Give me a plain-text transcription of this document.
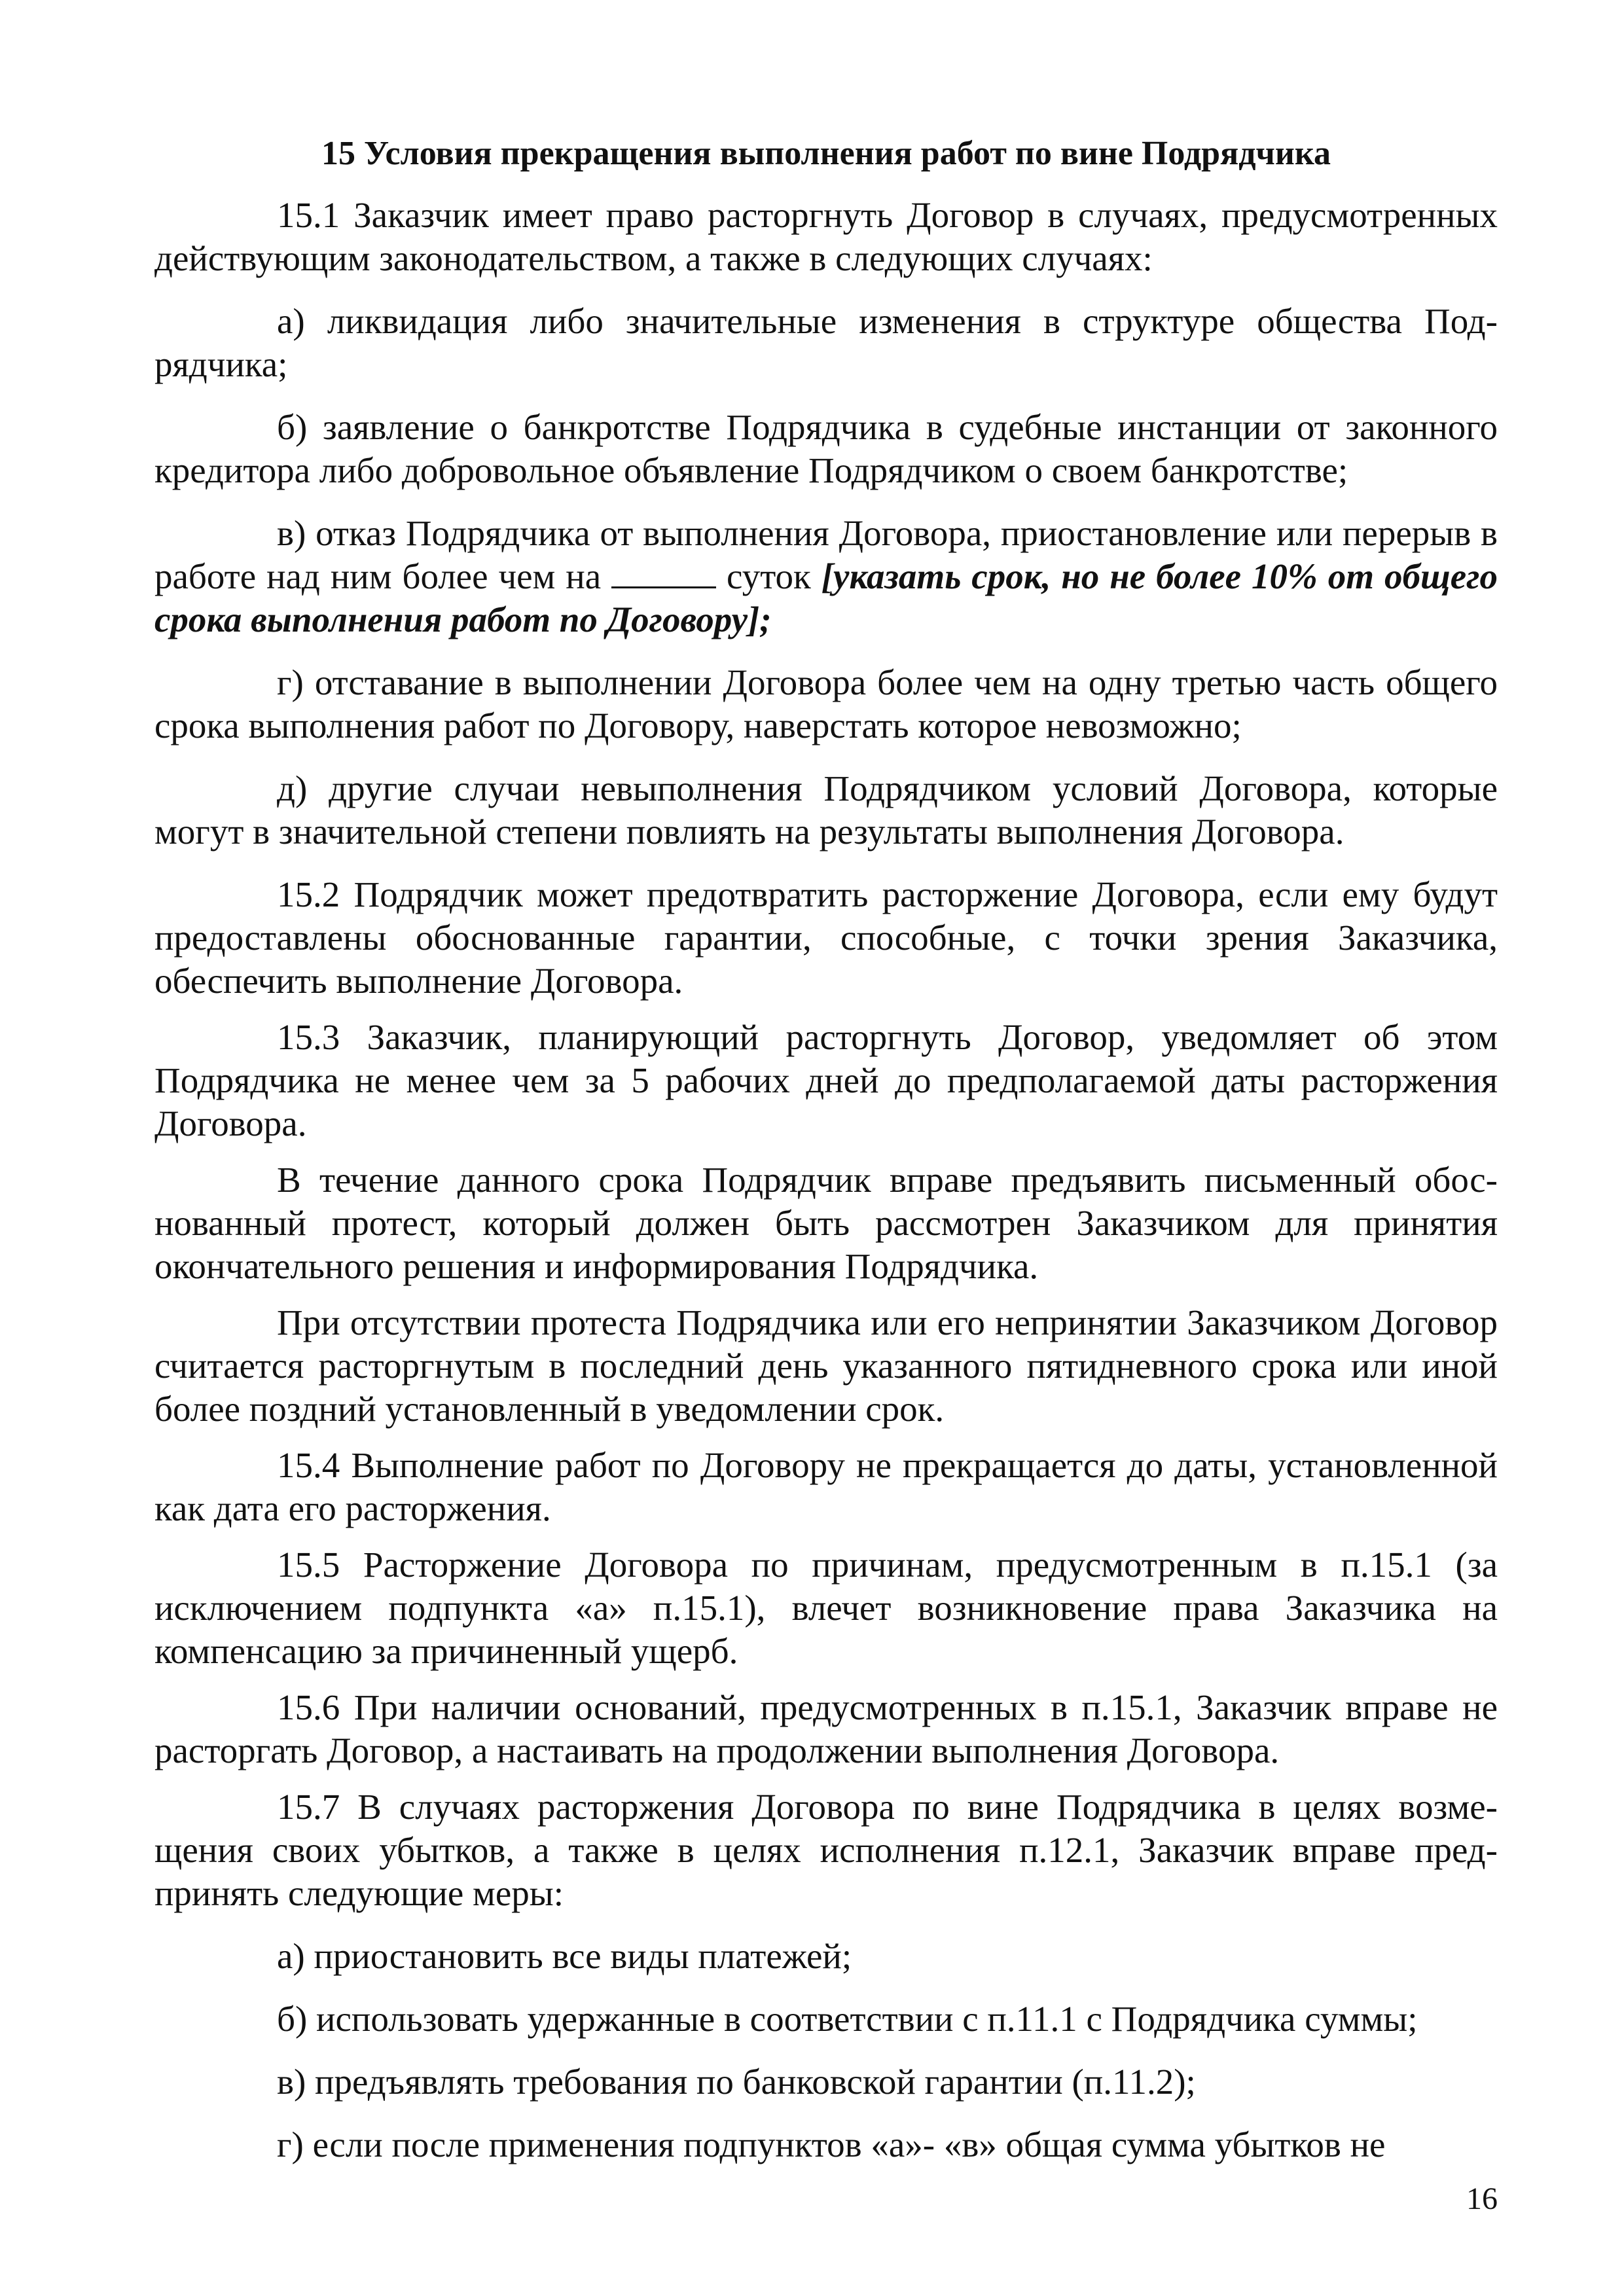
15 Условия прекращения выполнения работ по вине Подрядчика

15.1 Заказчик имеет право расторгнуть Договор в случаях, предусмотренных действующим законодательством, а также в следующих случаях:

а) ликвидация либо значительные изменения в структуре общества Подрядчика;

б) заявление о банкротстве Подрядчика в судебные инстанции от законного кредитора либо добровольное объявление Подрядчиком о своем банкротстве;

в) отказ Подрядчика от выполнения Договора, приостановление или перерыв в работе над ним более чем на	суток [указать срок, но не более 10% от общего срока выполнения работ по Договору];

г) отставание в выполнении Договора более чем на одну третью часть общего срока выполнения работ по Договору, наверстать которое невозможно;

д) другие случаи невыполнения Подрядчиком условий Договора, которые могут в значительной степени повлиять на результаты выполнения Договора.

15.2 Подрядчик может предотвратить расторжение Договора, если ему будут предоставлены обоснованные гарантии, способные, с точки зрения Заказчика, обеспечить выполнение Договора.

15.3 Заказчик, планирующий расторгнуть Договор, уведомляет об этом Подрядчика не менее чем за 5 рабочих дней до предполагаемой даты расторжения Договора.

В течение данного срока Подрядчик вправе предъявить письменный обоснованный протест, который должен быть рассмотрен Заказчиком для принятия окончательного решения и информирования Подрядчика.

При отсутствии протеста Подрядчика или его непринятии Заказчиком Договор считается расторгнутым в последний день указанного пятидневного срока или иной более поздний установленный в уведомлении срок.

15.4 Выполнение работ по Договору не прекращается до даты, установленной как дата его расторжения.

15.5 Расторжение Договора по причинам, предусмотренным в п.15.1 (за исключением подпункта «а» п.15.1), влечет возникновение права Заказчика на компенсацию за причиненный ущерб.

15.6 При наличии оснований, предусмотренных в п.15.1, Заказчик вправе не расторгать Договор, а настаивать на продолжении выполнения Договора.

15.7 В случаях расторжения Договора по вине Подрядчика в целях возмещения своих убытков, а также в целях исполнения п.12.1, Заказчик вправе предпринять следующие меры:

а) приостановить все виды платежей;

б) использовать удержанные в соответствии с п.11.1 с Подрядчика суммы;

в) предъявлять требования по банковской гарантии (п.11.2);

г) если после применения подпунктов «а»- «в» общая сумма убытков не

16
